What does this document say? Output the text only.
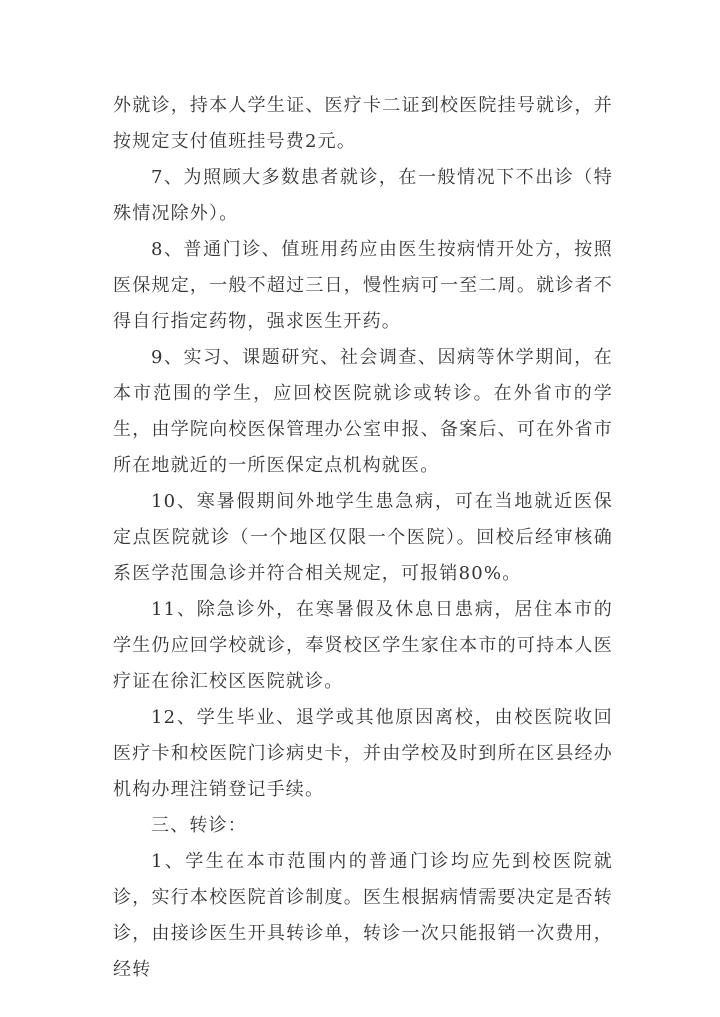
外就诊，持本人学生证、医疗卡二证到校医院挂号就诊，并按规定支付值班挂号费2元。

7、为照顾大多数患者就诊，在一般情况下不出诊（特殊情况除外）。

8、普通门诊、值班用药应由医生按病情开处方，按照医保规定，一般不超过三日，慢性病可一至二周。就诊者不得自行指定药物，强求医生开药。

9、实习、课题研究、社会调查、因病等休学期间，在本市范围的学生，应回校医院就诊或转诊。在外省市的学生，由学院向校医保管理办公室申报、备案后、可在外省市所在地就近的一所医保定点机构就医。

10、寒暑假期间外地学生患急病，可在当地就近医保定点医院就诊（一个地区仅限一个医院）。回校后经审核确系医学范围急诊并符合相关规定，可报销80%。

11、除急诊外，在寒暑假及休息日患病，居住本市的学生仍应回学校就诊，奉贤校区学生家住本市的可持本人医疗证在徐汇校区医院就诊。

12、学生毕业、退学或其他原因离校，由校医院收回医疗卡和校医院门诊病史卡，并由学校及时到所在区县经办机构办理注销登记手续。

三、转诊：

1、学生在本市范围内的普通门诊均应先到校医院就诊，实行本校医院首诊制度。医生根据病情需要决定是否转诊，由接诊医生开具转诊单，转诊一次只能报销一次费用，经转
